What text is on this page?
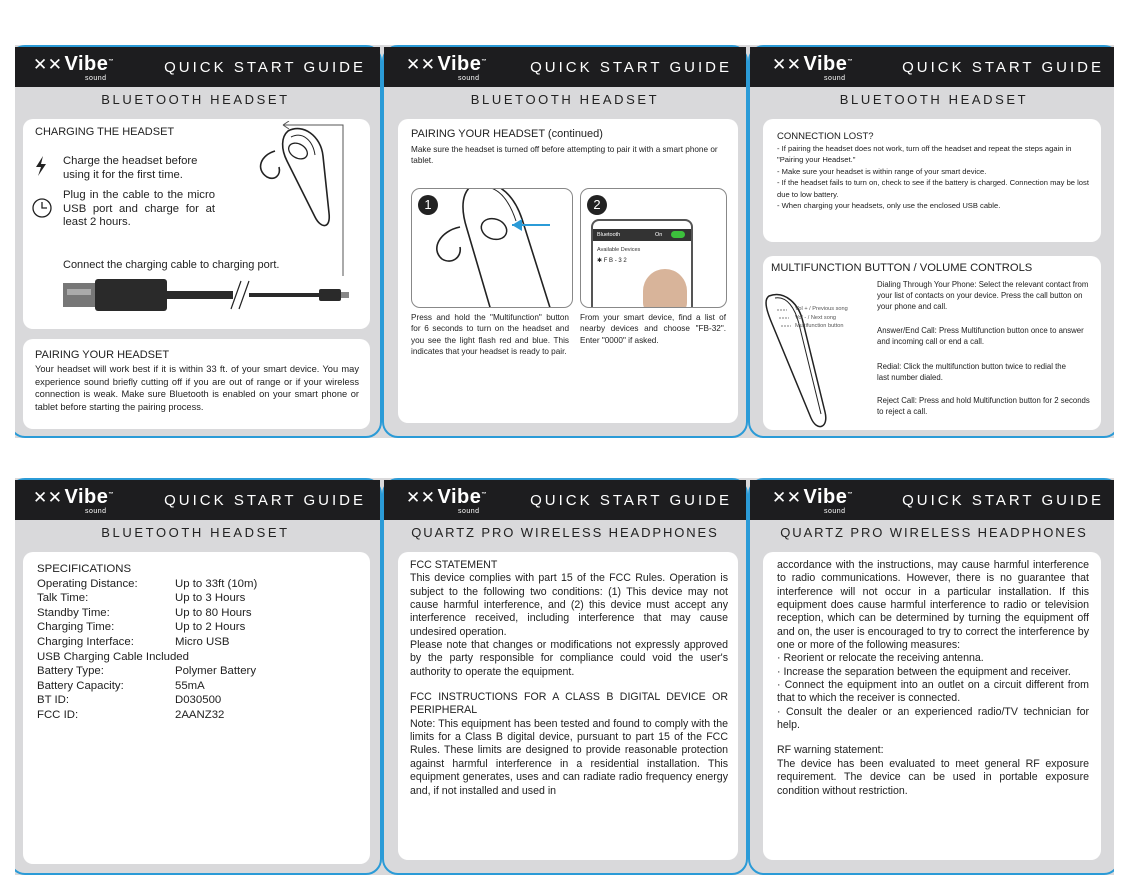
✕✕ Vibe™
sound
QUICK START GUIDE
BLUETOOTH HEADSET
CHARGING THE HEADSET
Charge the headset before using it for the first time.
Plug in the cable to the micro USB port and charge for at least 2 hours.
Connect the charging cable to charging port.
PAIRING YOUR HEADSET
Your headset will work best if it is within 33 ft. of your smart device. You may experience sound briefly cutting off if you are out of range or if your wireless connection is weak. Make sure Bluetooth is enabled on your smart phone or tablet before starting the pairing process.
✕✕ Vibe™
sound
QUICK START GUIDE
BLUETOOTH HEADSET
PAIRING YOUR HEADSET (continued)
Make sure the headset is turned off before attempting to pair it with a smart phone or tablet.
1
Press and hold the "Multifunction" button for 6 seconds to turn on the headset and you see the light flash red and blue. This indicates that your headset is ready to pair.
2
Bluetooth	On
Available Devices
✱ F B - 3 2
From your smart device, find a list of nearby devices and choose "FB-32". Enter "0000" if asked.
✕✕ Vibe™
sound
QUICK START GUIDE
BLUETOOTH HEADSET
CONNECTION LOST?
- If pairing the headset does not work, turn off the headset and repeat the steps again in "Pairing your Headset."
- Make sure your headset is within range of your smart device.
- If the headset fails to turn on, check to see if the battery is charged. Connection may be lost due to low battery.
- When charging your headsets, only use the enclosed USB cable.
MULTIFUNCTION BUTTON / VOLUME CONTROLS
Vol + / Previous song
Vol - / Next song
Multifunction button
Dialing Through Your Phone: Select the relevant contact from your list of contacts on your device. Press the call button on your phone and call.
Answer/End Call: Press Multifunction button once to answer and incoming call or end a call.
Redial: Click the multifunction button twice to redial the last number dialed.
Reject Call: Press and hold Multifunction button for 2 seconds to reject a call.
✕✕ Vibe™
sound
QUICK START GUIDE
BLUETOOTH HEADSET
SPECIFICATIONS
Operating Distance:	Up to 33ft (10m)
Talk Time:	Up to 3 Hours
Standby Time:	Up to 80 Hours
Charging Time:	Up to 2 Hours
Charging Interface:	Micro USB
USB Charging Cable Included
Battery Type:	Polymer Battery
Battery Capacity:	55mA
BT ID:	D030500
FCC ID:	2AANZ32
✕✕ Vibe™
sound
QUICK START GUIDE
QUARTZ PRO WIRELESS HEADPHONES
FCC STATEMENT
This device complies with part 15 of the FCC Rules. Operation is subject to the following two conditions: (1) This device may not cause harmful interference, and (2) this device must accept any interference received, including interference that may cause undesired operation.
Please note that changes or modifications not expressly approved by the party responsible for compliance could void the user's authority to operate the equipment.
FCC INSTRUCTIONS FOR A CLASS B DIGITAL DEVICE OR PERIPHERAL
Note: This equipment has been tested and found to comply with the limits for a Class B digital device, pursuant to part 15 of the FCC Rules. These limits are designed to provide reasonable protection against harmful interference in a residential installation. This equipment generates, uses and can radiate radio frequency energy and, if not installed and used in
✕✕ Vibe™
sound
QUICK START GUIDE
QUARTZ PRO WIRELESS HEADPHONES
accordance with the instructions, may cause harmful interference to radio communications. However, there is no guarantee that interference will not occur in a particular installation. If this equipment does cause harmful interference to radio or television reception, which can be determined by turning the equipment off and on, the user is encouraged to try to correct the interference by one or more of the following measures:
· Reorient or relocate the receiving antenna.
· Increase the separation between the equipment and receiver.
· Connect the equipment into an outlet on a circuit different from that to which the receiver is connected.
· Consult the dealer or an experienced radio/TV technician for help.
RF warning statement:
The device has been evaluated to meet general RF exposure requirement. The device can be used in portable exposure condition without restriction.
